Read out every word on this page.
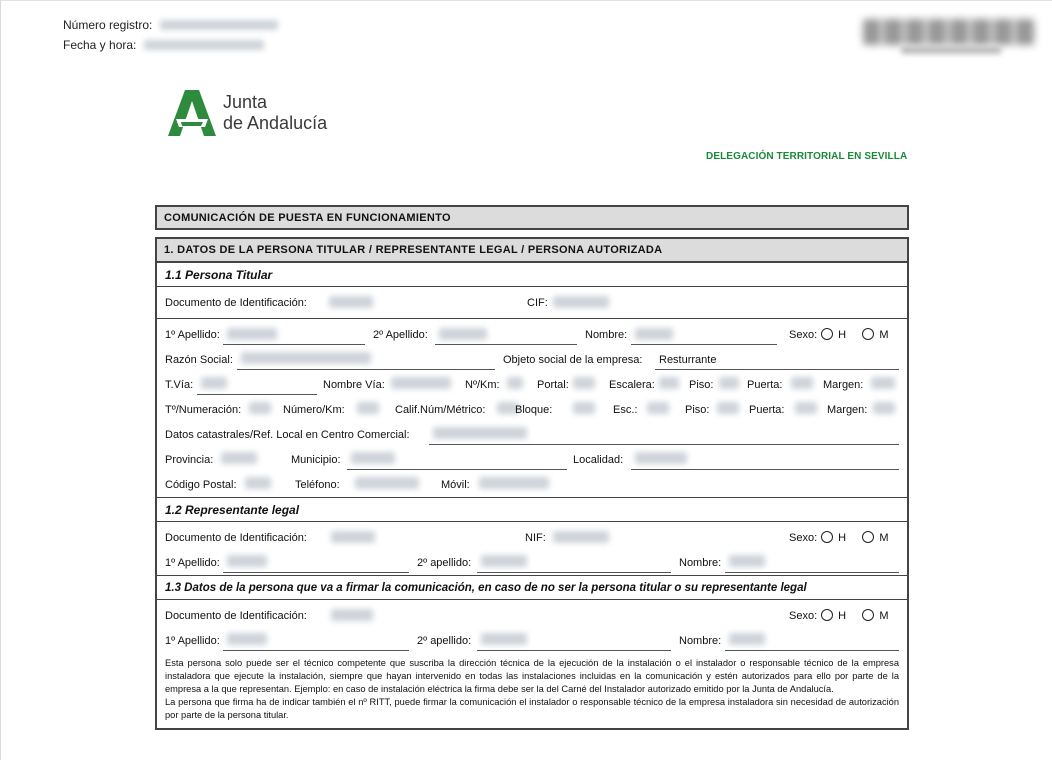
Número registro:
Fecha y hora:
Junta
de Andalucía
DELEGACIÓN TERRITORIAL EN SEVILLA
COMUNICACIÓN DE PUESTA EN FUNCIONAMIENTO
1. DATOS DE LA PERSONA TITULAR / REPRESENTANTE LEGAL / PERSONA AUTORIZADA
1.1 Persona Titular
Documento de Identificación:	CIF:
1º Apellido:	2º Apellido:	Nombre:	Sexo: H	M
Razón Social:	Objeto social de la empresa: Resturrante
T.Vía:	Nombre Vía:	Nº/Km:	Portal:	Escalera:	Piso:	Puerta:	Margen:
Tº/Numeración:	Número/Km:	Calif.Núm/Métrico:	Bloque:	Esc.:	Piso:	Puerta:	Margen:
Datos catastrales/Ref. Local en Centro Comercial:
Provincia:	Municipio:	Localidad:
Código Postal:	Teléfono:	Móvil:
1.2 Representante legal
Documento de Identificación:	NIF:	Sexo: H	M
1º Apellido:	2º apellido:	Nombre:
1.3 Datos de la persona que va a firmar la comunicación, en caso de no ser la persona titular o su representante legal
Documento de Identificación:	Sexo: H	M
1º Apellido:	2º apellido:	Nombre:
Esta persona solo puede ser el técnico competente que suscriba la dirección técnica de la ejecución de la instalación o el instalador o responsable técnico de la empresa instaladora que ejecute la instalación, siempre que hayan intervenido en todas las instalaciones incluidas en la comunicación y estén autorizados para ello por parte de la empresa a la que representan. Ejemplo: en caso de instalación eléctrica la firma debe ser la del Carné del Instalador autorizado emitido por la Junta de Andalucía.
La persona que firma ha de indicar también el nº RITT, puede firmar la comunicación el instalador o responsable técnico de la empresa instaladora sin necesidad de autorización por parte de la persona titular.
